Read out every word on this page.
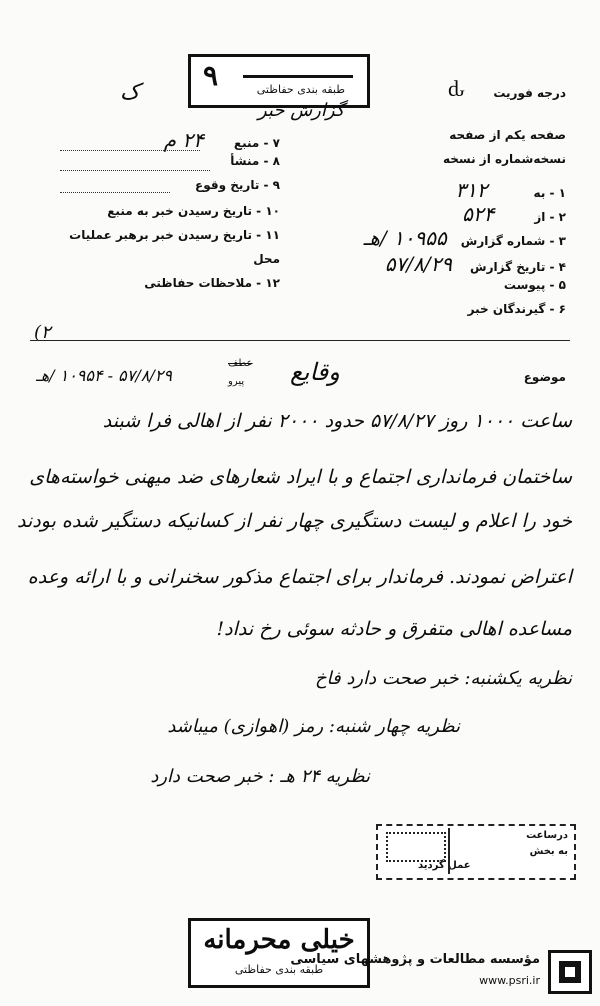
۹	طبقه بندی حفاظتی
گزارش خبر
ک	ԃ درجه فوریت
۷ - منبع
۲۴ م
۸ - منشأ
۹ - تاریخ وقوع
۱۰ - تاریخ رسیدن خبر به منبع
۱۱ - تاریخ رسیدن خبر برهبر عملیات
محل
۱۲ - ملاحظات حفاظتی
صفحه یکم از صفحه
نسخه‌شماره از نسخه
۱ - به
۳۱۲
۲ - از
۵۲۴
۳ - شماره گزارش
۱۰۹۵۵ /هـ
۴ - تاریخ گزارش
۵۷/۸/۲۹
۵ - پیوست
۶ - گیرندگان خبر
(٢
موضوع
وقایع
عطف
پیرو
۵۷/۸/۲۹ - ۱۰۹۵۴ /هـ
ساعت ۱۰۰۰ روز ۵۷/۸/۲۷ حدود ۲۰۰۰ نفر از اهالی فرا شبند
ساختمان فرمانداری اجتماع و با ایراد شعارهای ضد میهنی خواسته‌های
خود را اعلام و لیست دستگیری چهار نفر از کسانیکه دستگیر شده بودند
اعتراض نمودند. فرماندار برای اجتماع مذکور سخنرانی و با ارائه وعده
مساعده اهالی متفرق و حادثه سوئی رخ نداد!
نظریه یکشنبه: خبر صحت دارد فاخ
نظریه چهار شنبه: رمز (اهوازی) میباشد
نظریه ۲۴ هـ : خبر صحت دارد
درساعت
به بخش
عمل گردید
خیلی محرمانه
طبقه بندی حفاظتی
مؤسسه مطالعات و پژوهشهای سیاسی
www.psri.ir
